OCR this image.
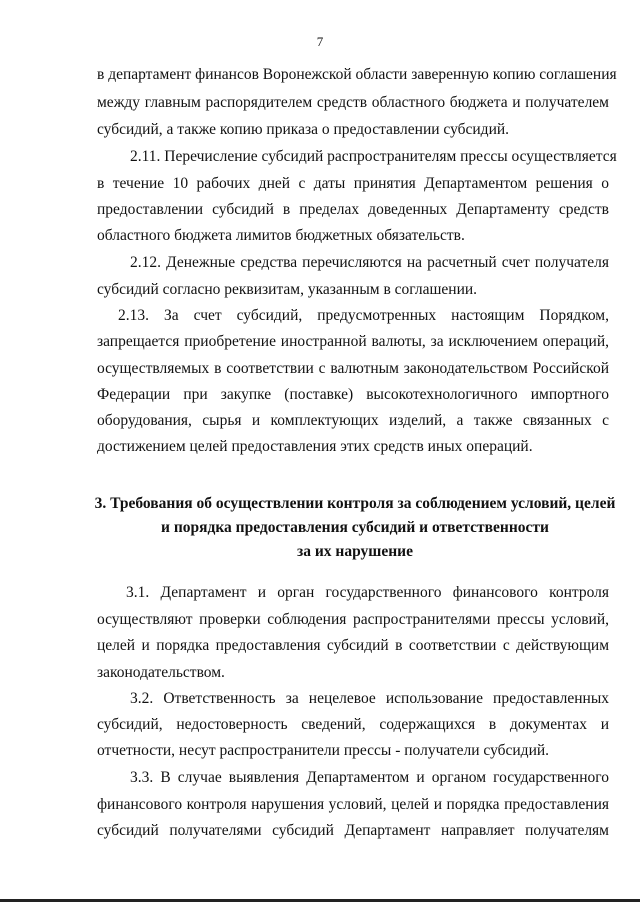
7
в департамент финансов Воронежской области заверенную копию соглашения
между главным распорядителем средств областного бюджета и получателем
субсидий, а также копию приказа о предоставлении субсидий.
2.11. Перечисление субсидий распространителям прессы осуществляется
в течение 10 рабочих дней с даты принятия Департаментом решения о
предоставлении субсидий в пределах доведенных Департаменту средств
областного бюджета лимитов бюджетных обязательств.
2.12. Денежные средства перечисляются на расчетный счет получателя
субсидий согласно реквизитам, указанным в соглашении.
2.13. За счет субсидий, предусмотренных настоящим Порядком,
запрещается приобретение иностранной валюты, за исключением операций,
осуществляемых в соответствии с валютным законодательством Российской
Федерации при закупке (поставке) высокотехнологичного импортного
оборудования, сырья и комплектующих изделий, а также связанных с
достижением целей предоставления этих средств иных операций.
3. Требования об осуществлении контроля за соблюдением условий, целей
и порядка предоставления субсидий и ответственности
за их нарушение
3.1. Департамент и орган государственного финансового контроля
осуществляют проверки соблюдения распространителями прессы условий,
целей и порядка предоставления субсидий в соответствии с действующим
законодательством.
3.2. Ответственность за нецелевое использование предоставленных
субсидий, недостоверность сведений, содержащихся в документах и
отчетности, несут распространители прессы - получатели субсидий.
3.3. В случае выявления Департаментом и органом государственного
финансового контроля нарушения условий, целей и порядка предоставления
субсидий получателями субсидий Департамент направляет получателям
